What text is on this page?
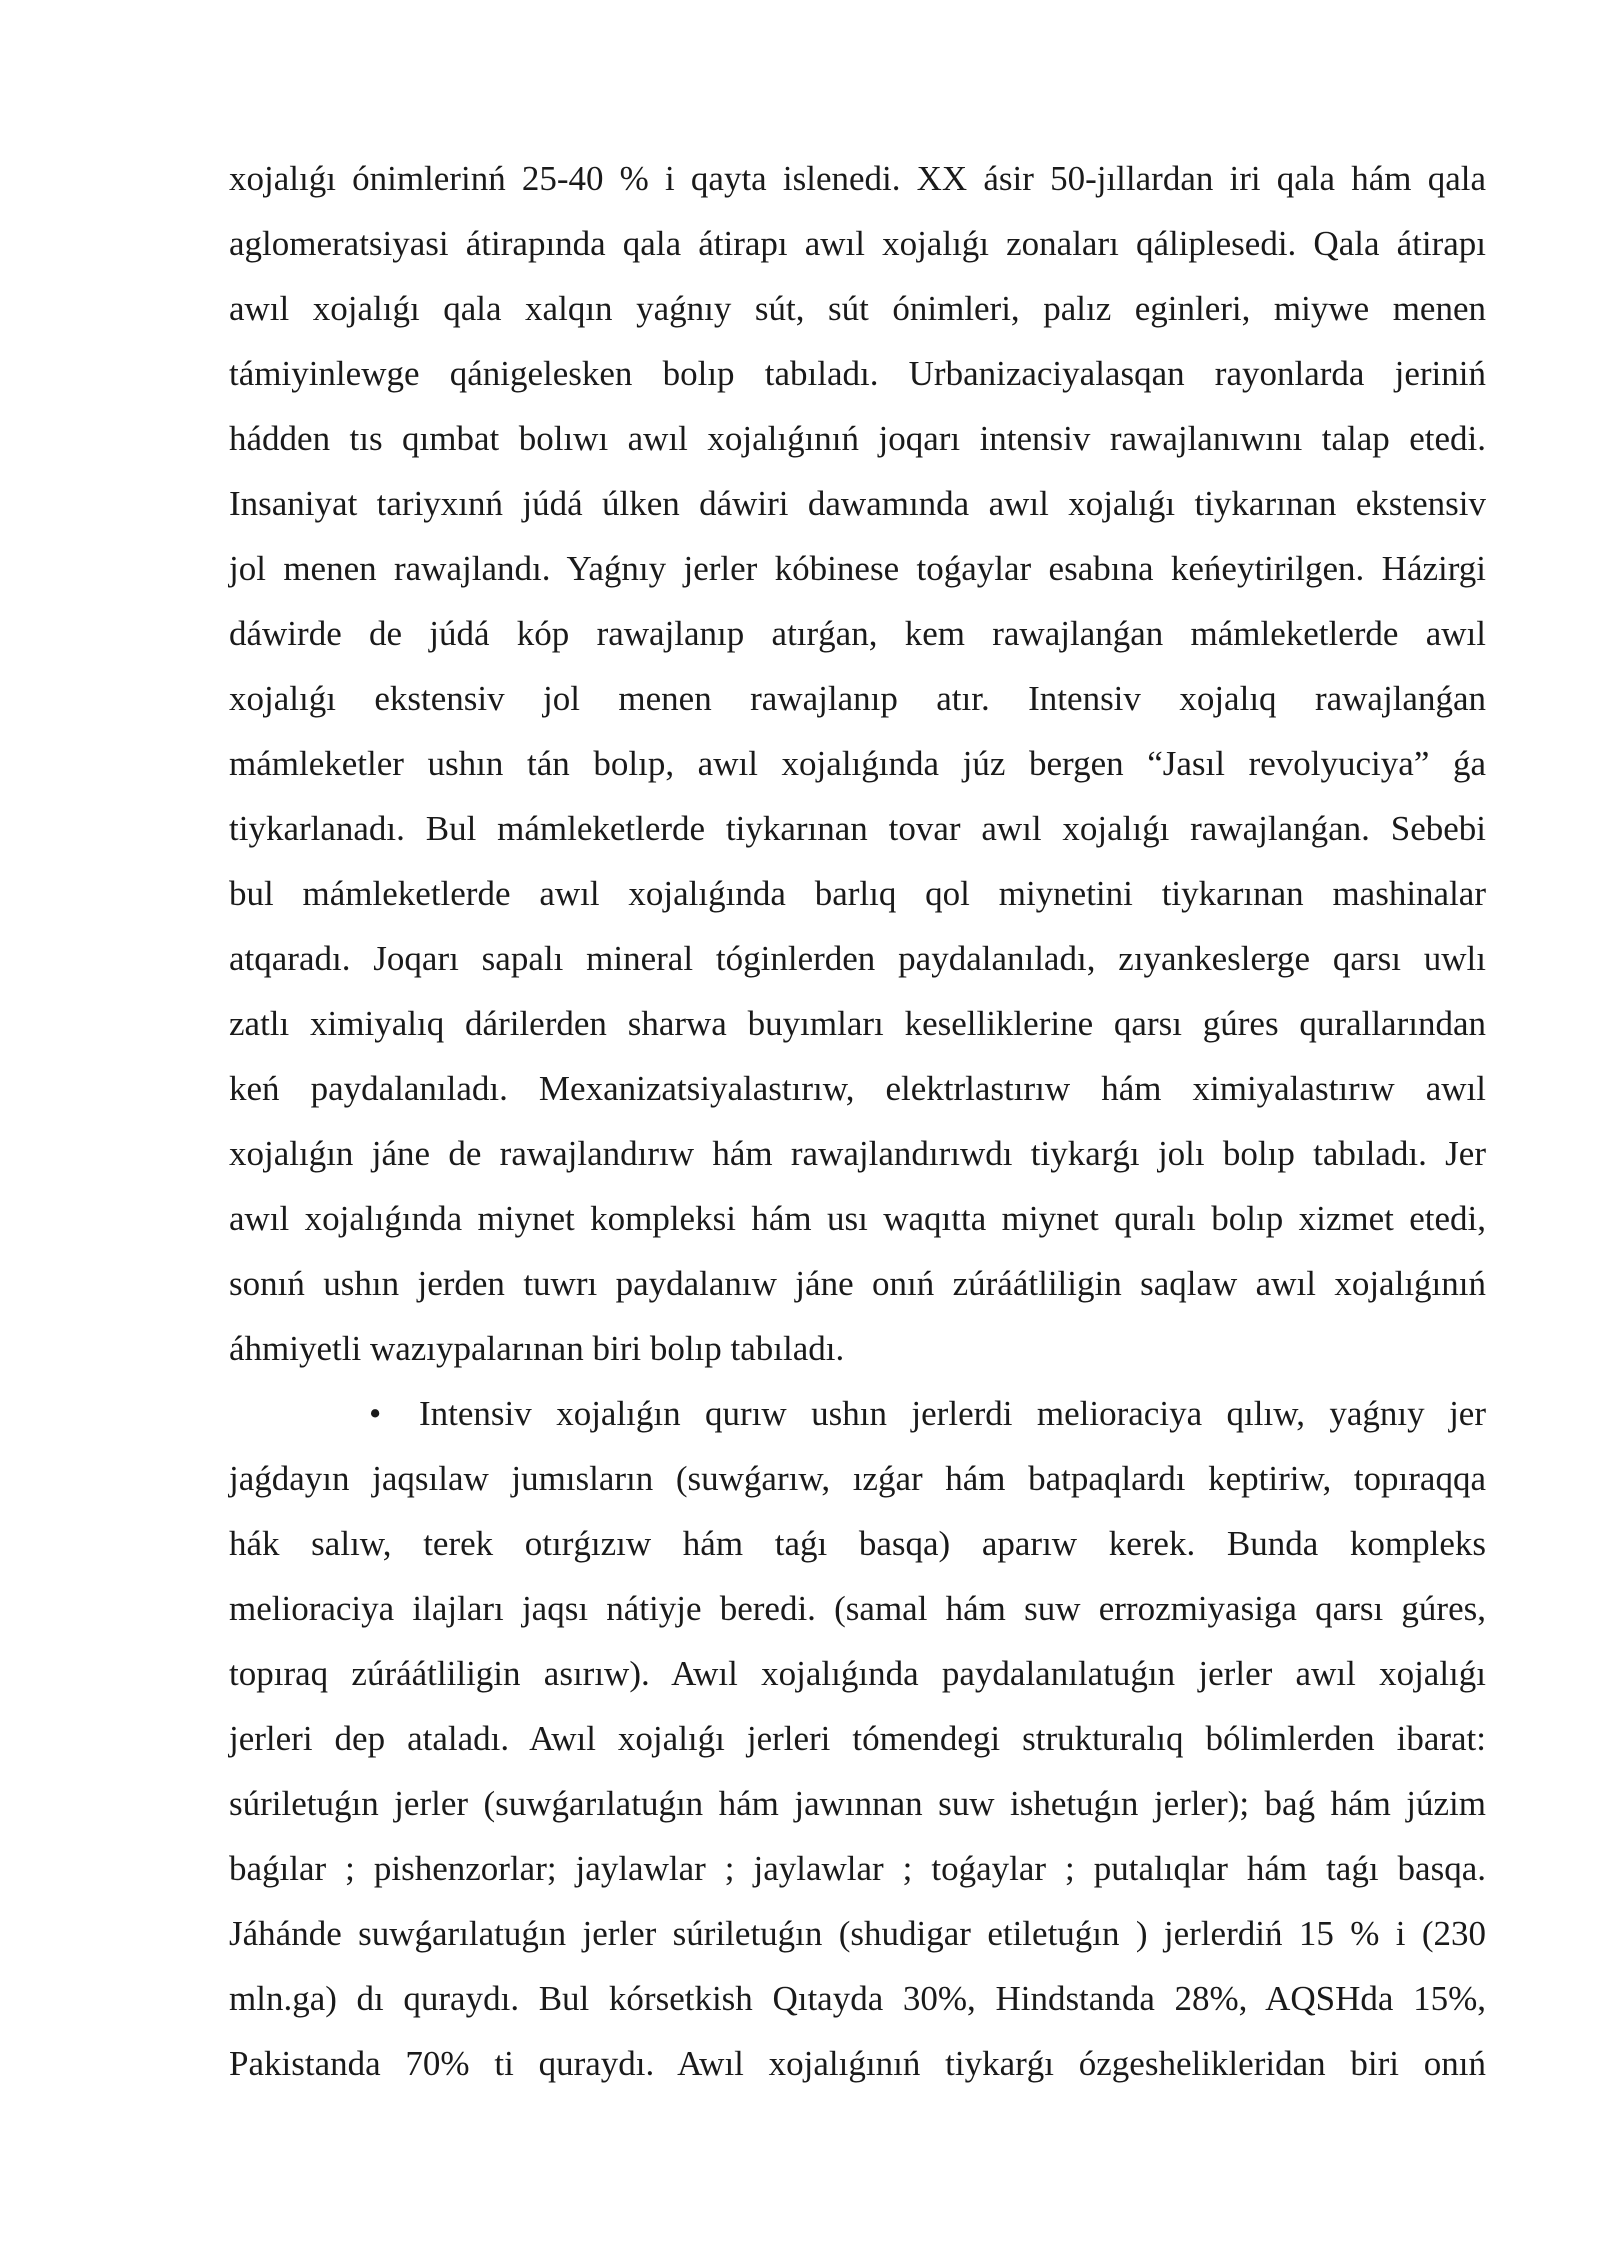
xojalıǵı ónimlerinń 25-40 % i qayta islenedi. XX ásir 50-jıllardan iri qala hám qala
aglomeratsiyasi átirapında qala átirapı awıl xojalıǵı zonaları qáliplesedi. Qala átirapı
awıl xojalıǵı qala xalqın yaǵnıy sút, sút ónimleri, palız eginleri, miywe menen
támiyinlewge qánigelesken bolıp tabıladı. Urbanizaciyalasqan rayonlarda jeriniń
hádden tıs qımbat bolıwı awıl xojalıǵınıń joqarı intensiv rawajlanıwını talap etedi.
Insaniyat tariyxınń júdá úlken dáwiri dawamında awıl xojalıǵı tiykarınan ekstensiv
jol menen rawajlandı. Yaǵnıy jerler kóbinese toǵaylar esabına keńeytirilgen. Házirgi
dáwirde de júdá kóp rawajlanıp atırǵan, kem rawajlanǵan mámleketlerde awıl
xojalıǵı ekstensiv jol menen rawajlanıp atır. Intensiv xojalıq rawajlanǵan
mámleketler ushın tán bolıp, awıl xojalıǵında júz bergen “Jasıl revolyuciya” ǵa
tiykarlanadı. Bul mámleketlerde tiykarınan tovar awıl xojalıǵı rawajlanǵan. Sebebi
bul mámleketlerde awıl xojalıǵında barlıq qol miynetini tiykarınan mashinalar
atqaradı. Joqarı sapalı mineral tóginlerden paydalanıladı, zıyankeslerge qarsı uwlı
zatlı ximiyalıq dárilerden sharwa buyımları keselliklerine qarsı gúres qurallarından
keń paydalanıladı. Mexanizatsiyalastırıw, elektrlastırıw hám ximiyalastırıw awıl
xojalıǵın jáne de rawajlandırıw hám rawajlandırıwdı tiykarǵı jolı bolıp tabıladı. Jer
awıl xojalıǵında miynet kompleksi hám usı waqıtta miynet quralı bolıp xizmet etedi,
sonıń ushın jerden tuwrı paydalanıw jáne onıń zúráátliligin saqlaw awıl xojalıǵınıń
áhmiyetli wazıypalarınan biri bolıp tabıladı.
•	Intensiv xojalıǵın qurıw ushın jerlerdi melioraciya qılıw, yaǵnıy jer
jaǵdayın jaqsılaw jumısların (suwǵarıw, ızǵar hám batpaqlardı keptiriw, topıraqqa
hák salıw, terek otırǵızıw hám taǵı basqa) aparıw kerek. Bunda kompleks
melioraciya ilajları jaqsı nátiyje beredi. (samal hám suw errozmiyasiga qarsı gúres,
topıraq zúráátliligin asırıw). Awıl xojalıǵında paydalanılatuǵın jerler awıl xojalıǵı
jerleri dep ataladı. Awıl xojalıǵı jerleri tómendegi strukturalıq bólimlerden ibarat:
súriletuǵın jerler (suwǵarılatuǵın hám jawınnan suw ishetuǵın jerler); baǵ hám júzim
baǵılar ; pishenzorlar; jaylawlar ; jaylawlar ; toǵaylar ; putalıqlar hám taǵı basqa.
Jáhánde suwǵarılatuǵın jerler súriletuǵın (shudigar etiletuǵın ) jerlerdiń 15 % i (230
mln.ga) dı quraydı. Bul kórsetkish Qıtayda 30%, Hindstanda 28%, AQSHda 15%,
Pakistanda 70% ti quraydı. Awıl xojalıǵınıń tiykarǵı ózgeshelikleridan biri onıń
